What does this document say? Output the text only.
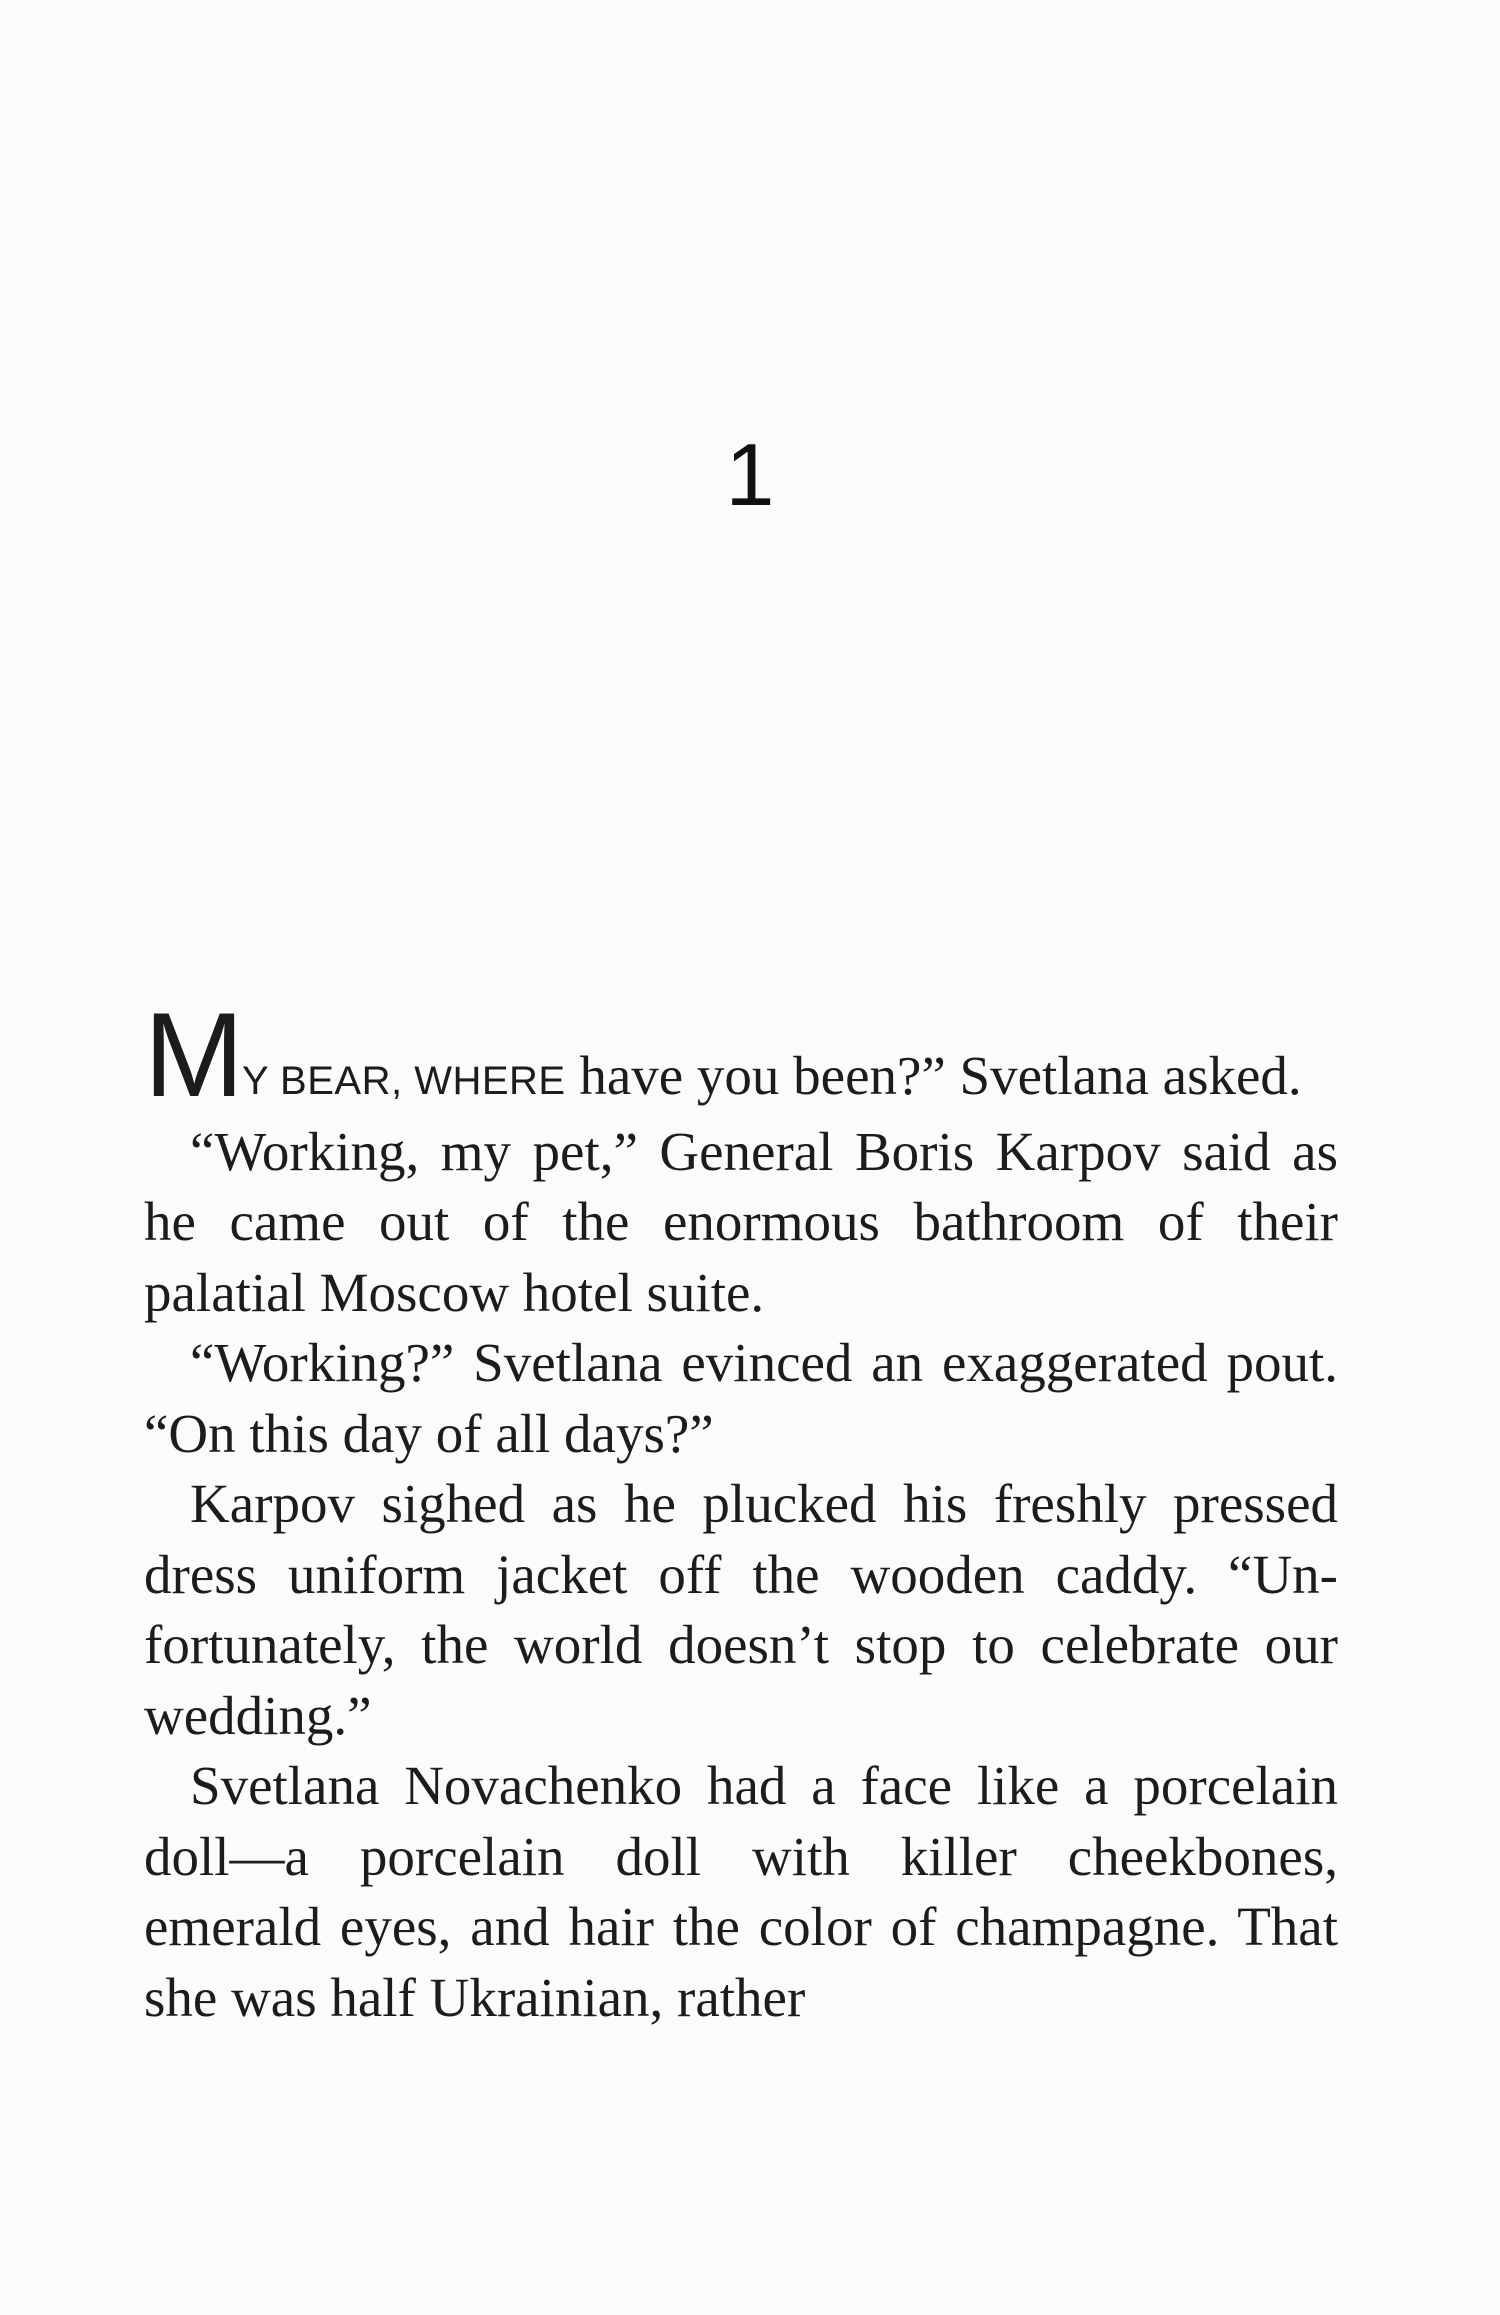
1

MY BEAR, WHERE have you been?” Svetlana asked.

“Working, my pet,” General Boris Karpov said as he came out of the enormous bathroom of their palatial Moscow hotel suite.

“Working?” Svetlana evinced an exaggerated pout. “On this day of all days?”

Karpov sighed as he plucked his freshly pressed dress uniform jacket off the wooden caddy. “Unfortunately, the world doesn’t stop to celebrate our wedding.”

Svetlana Novachenko had a face like a porcelain doll—a porcelain doll with killer cheekbones, emerald eyes, and hair the color of champagne. That she was half Ukrainian, rather
